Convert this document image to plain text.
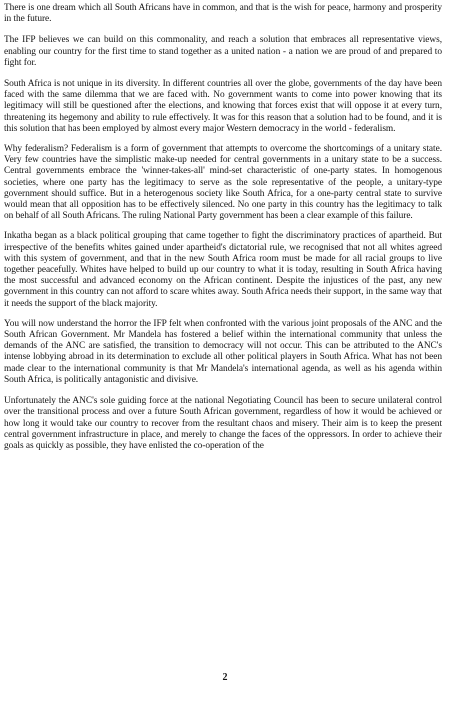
There is one dream which all South Africans have in common, and that is the wish for peace, harmony and prosperity in the future.

The IFP believes we can build on this commonality, and reach a solution that embraces all representative views, enabling our country for the first time to stand together as a united nation - a nation we are proud of and prepared to fight for.

South Africa is not unique in its diversity. In different countries all over the globe, governments of the day have been faced with the same dilemma that we are faced with. No government wants to come into power knowing that its legitimacy will still be questioned after the elections, and knowing that forces exist that will oppose it at every turn, threatening its hegemony and ability to rule effectively. It was for this reason that a solution had to be found, and it is this solution that has been employed by almost every major Western democracy in the world - federalism.

Why federalism? Federalism is a form of government that attempts to overcome the shortcomings of a unitary state. Very few countries have the simplistic make-up needed for central governments in a unitary state to be a success. Central governments embrace the 'winner-takes-all' mind-set characteristic of one-party states. In homogenous societies, where one party has the legitimacy to serve as the sole representative of the people, a unitary-type government should suffice. But in a heterogenous society like South Africa, for a one-party central state to survive would mean that all opposition has to be effectively silenced. No one party in this country has the legitimacy to talk on behalf of all South Africans. The ruling National Party government has been a clear example of this failure.

Inkatha began as a black political grouping that came together to fight the discriminatory practices of apartheid. But irrespective of the benefits whites gained under apartheid's dictatorial rule, we recognised that not all whites agreed with this system of government, and that in the new South Africa room must be made for all racial groups to live together peacefully. Whites have helped to build up our country to what it is today, resulting in South Africa having the most successful and advanced economy on the African continent. Despite the injustices of the past, any new government in this country can not afford to scare whites away. South Africa needs their support, in the same way that it needs the support of the black majority.

You will now understand the horror the IFP felt when confronted with the various joint proposals of the ANC and the South African Government. Mr Mandela has fostered a belief within the international community that unless the demands of the ANC are satisfied, the transition to democracy will not occur. This can be attributed to the ANC's intense lobbying abroad in its determination to exclude all other political players in South Africa. What has not been made clear to the international community is that Mr Mandela's international agenda, as well as his agenda within South Africa, is politically antagonistic and divisive.

Unfortunately the ANC's sole guiding force at the national Negotiating Council has been to secure unilateral control over the transitional process and over a future South African government, regardless of how it would be achieved or how long it would take our country to recover from the resultant chaos and misery. Their aim is to keep the present central government infrastructure in place, and merely to change the faces of the oppressors. In order to achieve their goals as quickly as possible, they have enlisted the co-operation of the

2
